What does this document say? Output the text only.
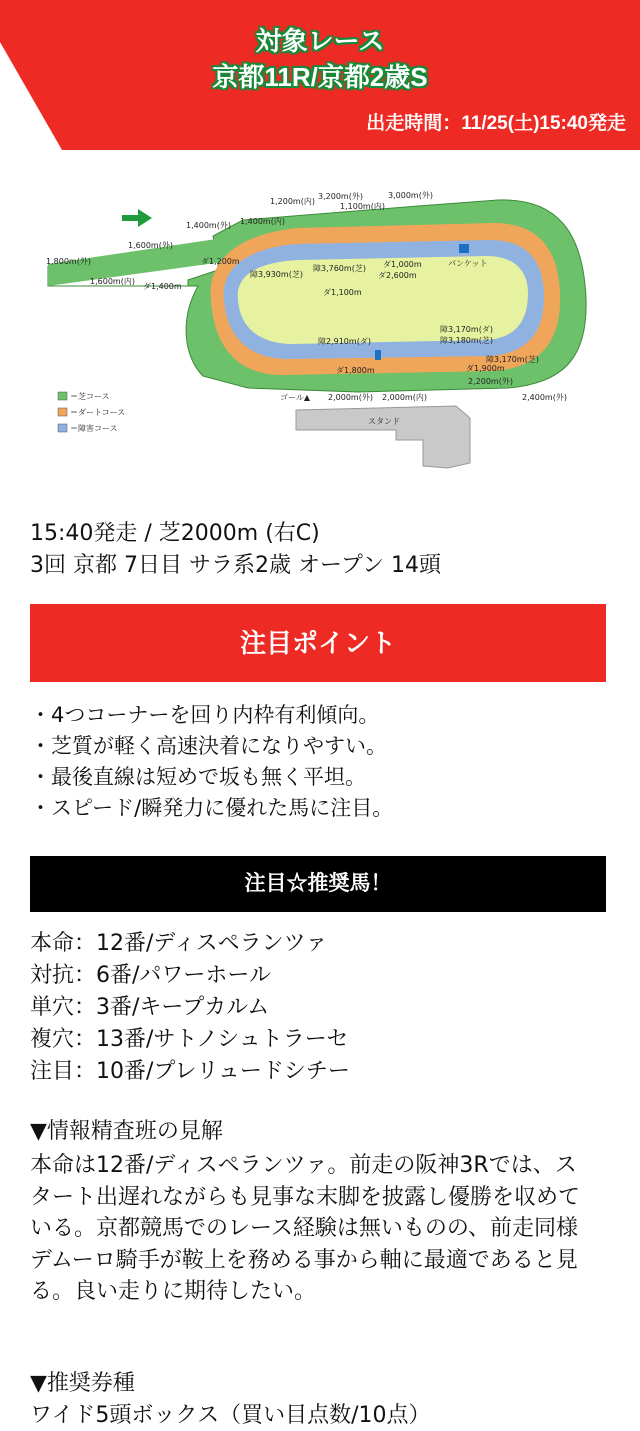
対象レース
京都11R/京都2歳S
出走時間：11/25(土)15:40発走
1,800m(外)
1,600m(外)
1,600m(内)
1,400m(外) 1,400m(内)
1,200m(内)
3,200m(外)
1,100m(内)
3,000m(外)
ダ1,200m
ダ1,400m
障3,930m(芝)
障3,760m(芝) ダ1,000m
ダ2,600m
ダ1,100m
パンケット
障3,170m(ダ)
障3,180m(芝)
障2,910m(ダ)
障3,170m(芝)
ダ1,800m	ダ1,900m
2,200m(外)
ゴール▲ 2,000m(外) 2,000m(内)	2,400m(外)
スタンド
＝芝コース
＝ダートコース
＝障害コース
15:40発走 / 芝2000m (右C)
3回 京都 7日目 サラ系2歳 オープン 14頭
注目ポイント
・4つコーナーを回り内枠有利傾向。
・芝質が軽く高速決着になりやすい。
・最後直線は短めで坂も無く平坦。
・スピード/瞬発力に優れた馬に注目。
注目☆推奨馬！
本命：12番/ディスペランツァ
対抗：6番/パワーホール
単穴：3番/キープカルム
複穴：13番/サトノシュトラーセ
注目：10番/プレリュードシチー
▼情報精査班の見解
本命は12番/ディスペランツァ。前走の阪神3Rでは、スタート出遅れながらも見事な末脚を披露し優勝を収めている。京都競馬でのレース経験は無いものの、前走同様デムーロ騎手が鞍上を務める事から軸に最適であると見る。良い走りに期待したい。
▼推奨券種
ワイド5頭ボックス（買い目点数/10点）
